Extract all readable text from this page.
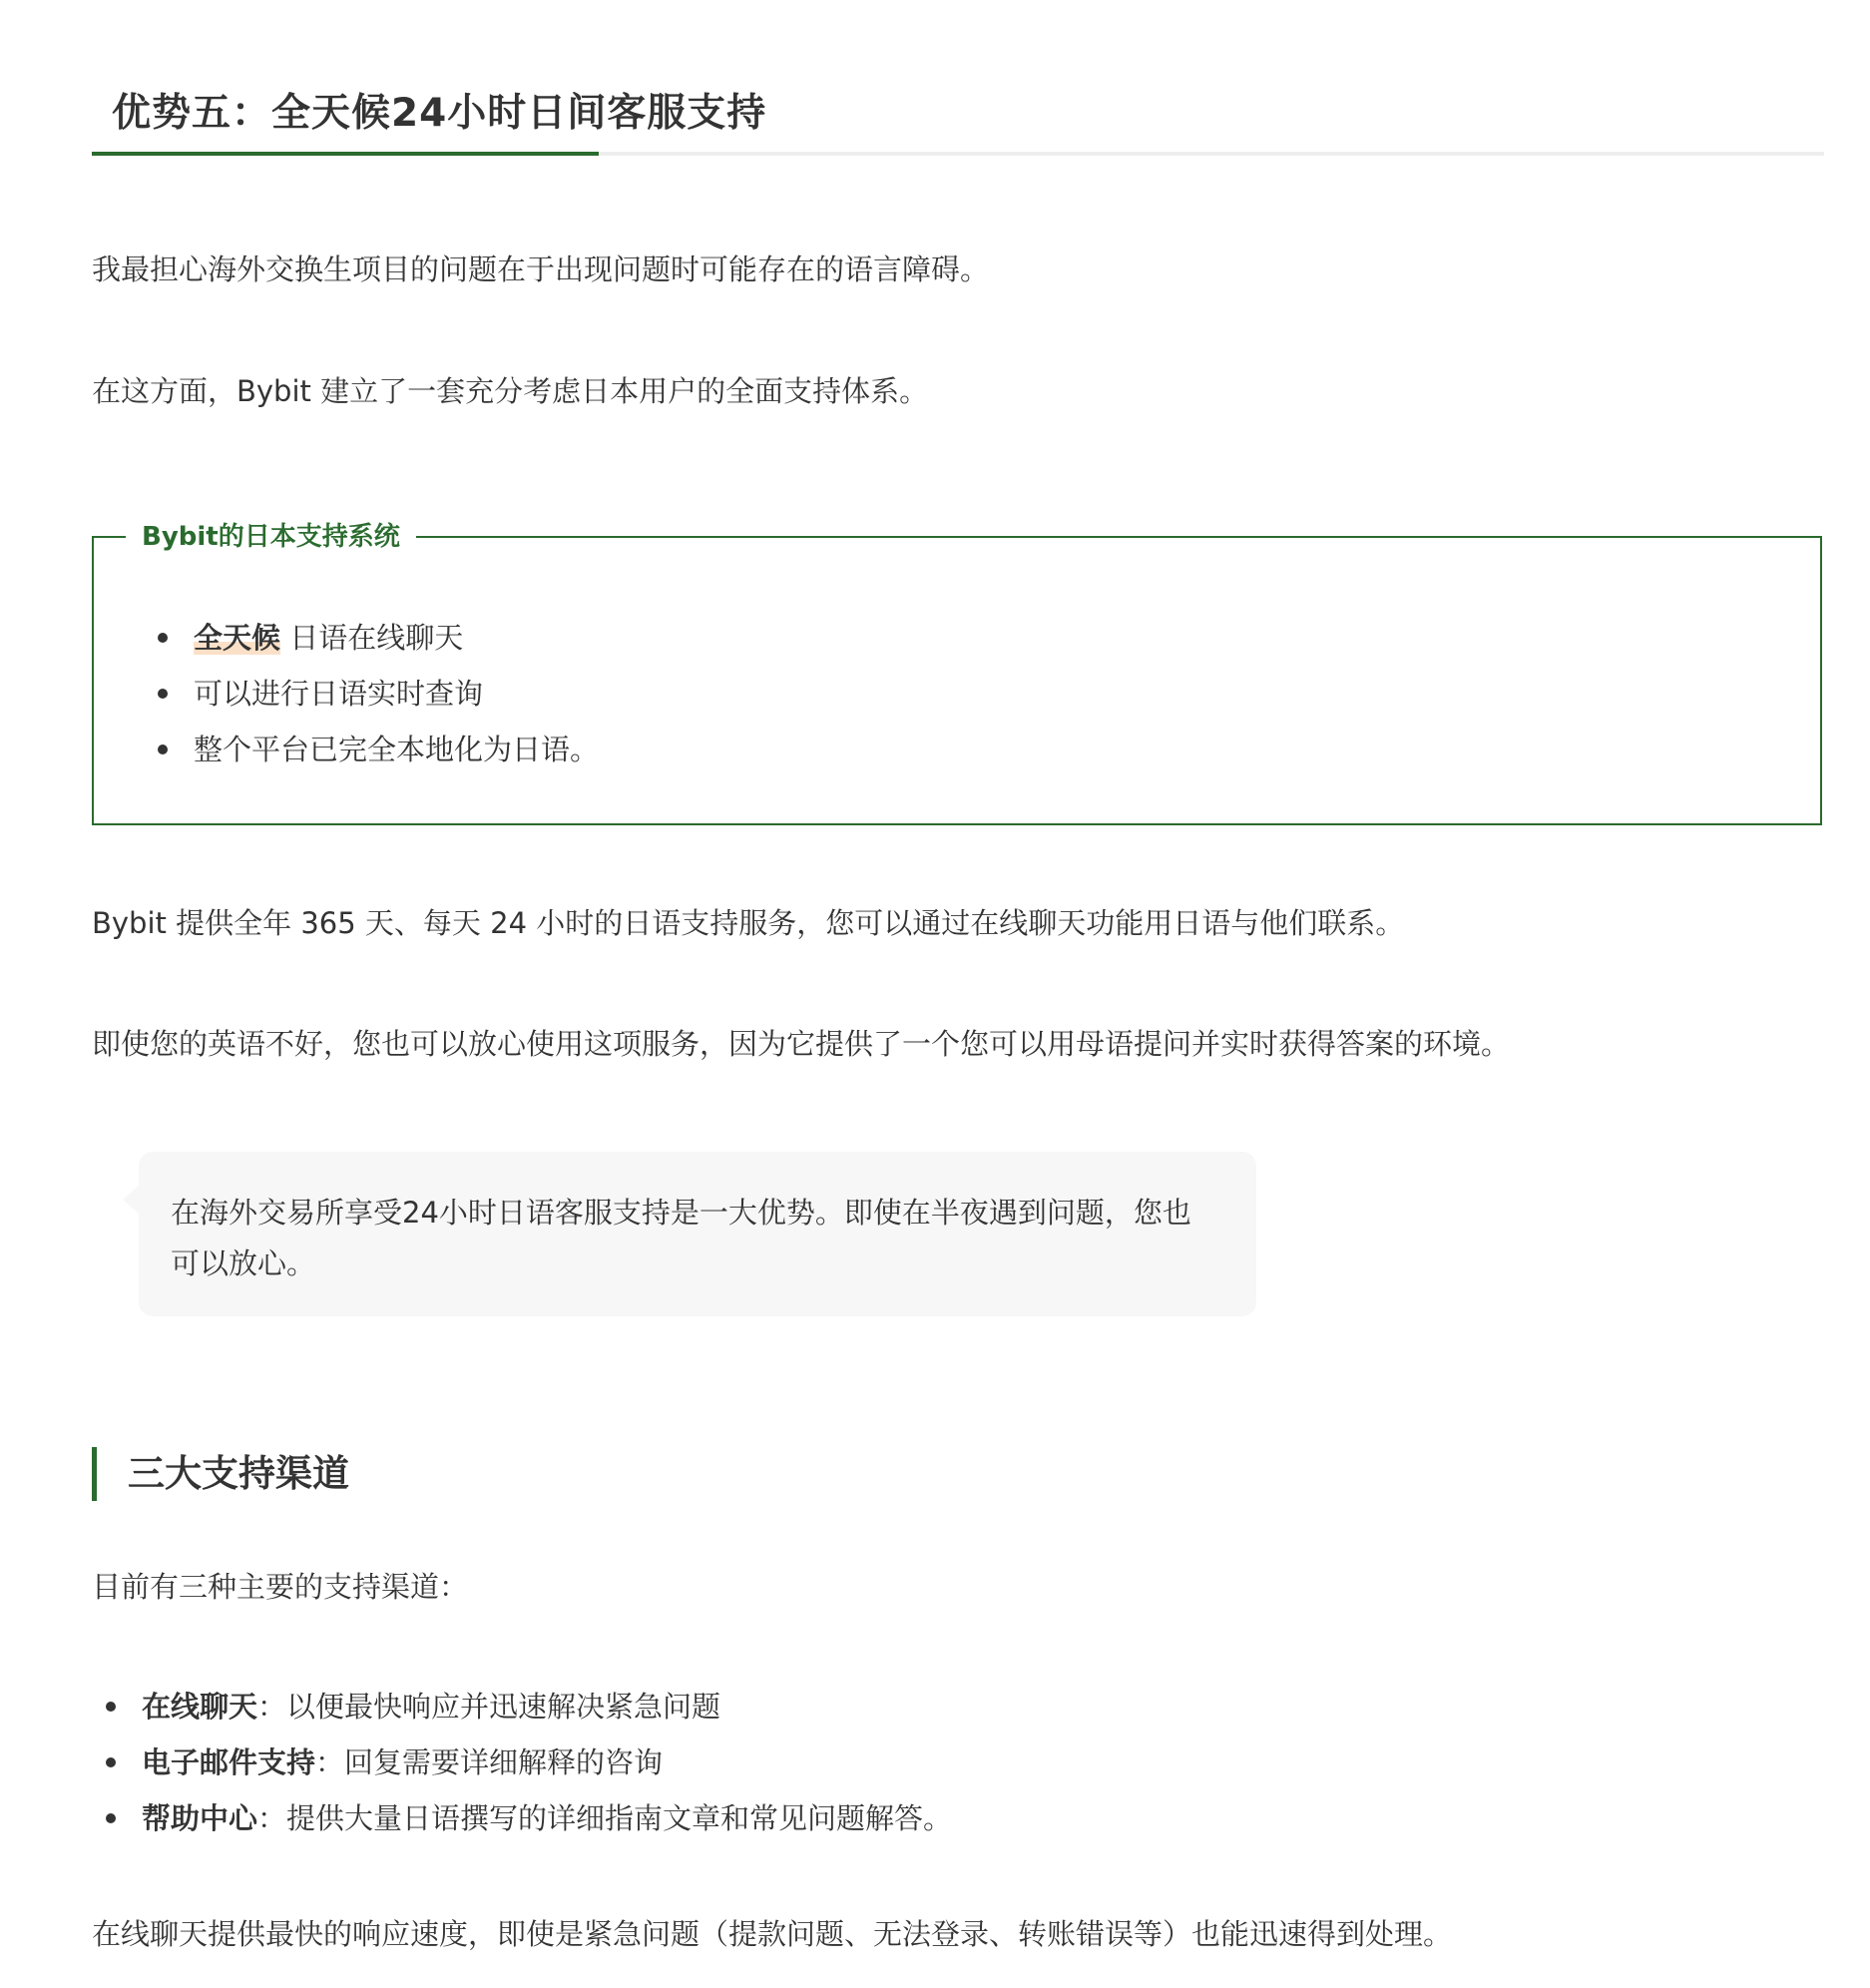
优势五：全天候24小时日间客服支持

我最担心海外交换生项目的问题在于出现问题时可能存在的语言障碍。

在这方面，Bybit 建立了一套充分考虑日本用户的全面支持体系。

Bybit的日本支持系统
全天候 日语在线聊天
可以进行日语实时查询
整个平台已完全本地化为日语。

Bybit 提供全年 365 天、每天 24 小时的日语支持服务，您可以通过在线聊天功能用日语与他们联系。

即使您的英语不好，您也可以放心使用这项服务，因为它提供了一个您可以用母语提问并实时获得答案的环境。

在海外交易所享受24小时日语客服支持是一大优势。即使在半夜遇到问题，您也可以放心。

三大支持渠道

目前有三种主要的支持渠道：

在线聊天：以便最快响应并迅速解决紧急问题
电子邮件支持：回复需要详细解释的咨询
帮助中心：提供大量日语撰写的详细指南文章和常见问题解答。

在线聊天提供最快的响应速度，即使是紧急问题（提款问题、无法登录、转账错误等）也能迅速得到处理。
